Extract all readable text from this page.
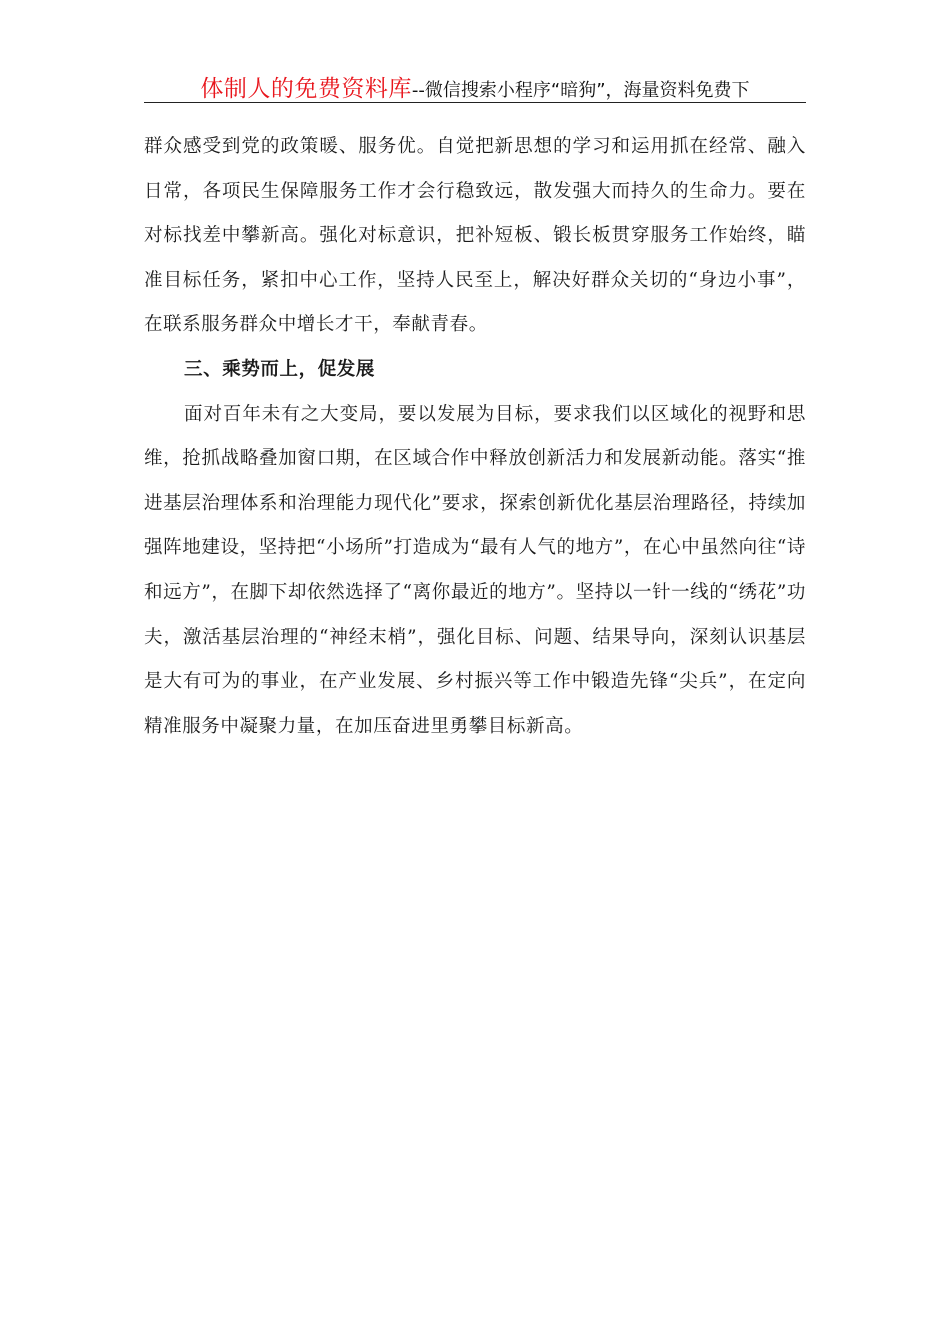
体制人的免费资料库--微信搜索小程序“暗狗”，海量资料免费下

群众感受到党的政策暖、服务优。自觉把新思想的学习和运用抓在经常、融入日常，各项民生保障服务工作才会行稳致远，散发强大而持久的生命力。要在对标找差中攀新高。强化对标意识，把补短板、锻长板贯穿服务工作始终，瞄准目标任务，紧扣中心工作，坚持人民至上，解决好群众关切的“身边小事”，在联系服务群众中增长才干，奉献青春。

三、乘势而上，促发展

面对百年未有之大变局，要以发展为目标，要求我们以区域化的视野和思维，抢抓战略叠加窗口期，在区域合作中释放创新活力和发展新动能。落实“推进基层治理体系和治理能力现代化”要求，探索创新优化基层治理路径，持续加强阵地建设，坚持把“小场所”打造成为“最有人气的地方”，在心中虽然向往“诗和远方”，在脚下却依然选择了“离你最近的地方”。坚持以一针一线的“绣花”功夫，激活基层治理的“神经末梢”，强化目标、问题、结果导向，深刻认识基层是大有可为的事业，在产业发展、乡村振兴等工作中锻造先锋“尖兵”，在定向精准服务中凝聚力量，在加压奋进里勇攀目标新高。
